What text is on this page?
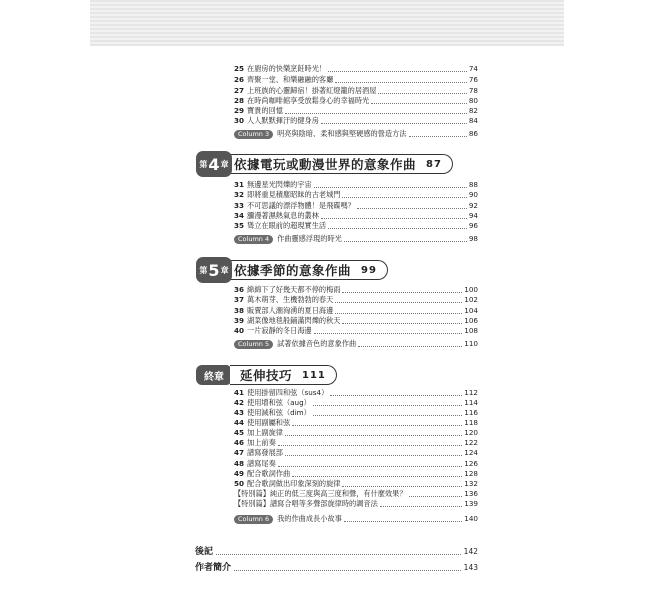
25 在廚房的快樂烹飪時光！	74
26 齊聚一堂、和樂融融的客廳	76
27 上班族的心靈歸宿！掛著紅燈籠的居酒屋	78
28 在時尚咖啡館享受放鬆身心的幸福時光	80
29 寶貴的回憶	82
30 人人默默揮汗的健身房	84
Column 3	明亮與陰暗、柔和感與堅硬感的營造方法	86
第 4 章 依據電玩或動漫世界的意象作曲 87
31 無邊星光閃爍的宇宙	88
32 即將重見積塵昭昧的古老城門	90
33 不可思議的漂浮物體！是飛碟嗎？	92
34 瀰漫著濕熱氣息的叢林	94
35 聳立在眼前的超現實生活	96
Column 4	作曲靈感浮現的時光	98
第 5 章 依據季節的意象作曲 99
36 綿綿下了好幾天都不停的梅雨	100
37 萬木萌芽、生機勃勃的春天	102
38 販賣部人潮洶湧的夏日海邊	104
39 湖菜像地毯般鋪滿閃爍的秋天	106
40 一片寂靜的冬日海邊	108
Column 5	試著依據音色的意象作曲	110
終章	延伸技巧 111
41 使用掛留四和弦（sus4）	112
42 使用增和弦（aug）	114
43 使用減和弦（dim）	116
44 使用副屬和弦	118
45 加上副旋律	120
46 加上前奏	122
47 譜寫發展部	124
48 譜寫尾奏	126
49 配合歌詞作曲	128
50 配合歌詞做出印象深刻的旋律	132
【特別篇】 純正的低三度與高三度和聲，有什麼效果？	136
【特別篇】 譜寫合唱等多聲部旋律時的調音法	139
Column 6	我的作曲成長小故事	140
後記	142
作者簡介	143
